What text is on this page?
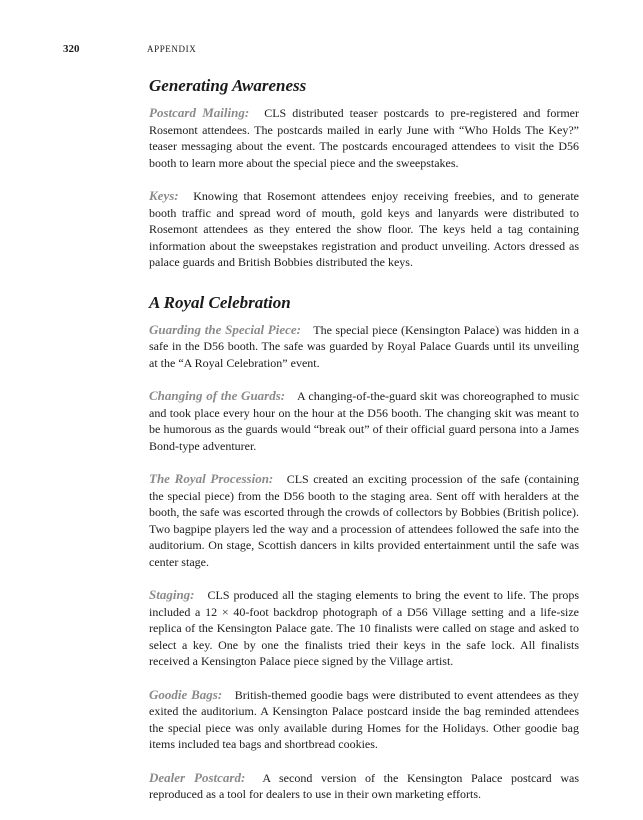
320	APPENDIX
Generating Awareness

Postcard Mailing: CLS distributed teaser postcards to pre-registered and former Rosemont attendees. The postcards mailed in early June with “Who Holds The Key?” teaser messaging about the event. The postcards encouraged attendees to visit the D56 booth to learn more about the special piece and the sweepstakes.

Keys: Knowing that Rosemont attendees enjoy receiving freebies, and to generate booth traffic and spread word of mouth, gold keys and lanyards were distributed to Rosemont attendees as they entered the show floor. The keys held a tag containing information about the sweepstakes registration and product unveiling. Actors dressed as palace guards and British Bobbies distributed the keys.

A Royal Celebration

Guarding the Special Piece: The special piece (Kensington Palace) was hidden in a safe in the D56 booth. The safe was guarded by Royal Palace Guards until its unveiling at the “A Royal Celebration” event.

Changing of the Guards: A changing-of-the-guard skit was choreographed to music and took place every hour on the hour at the D56 booth. The changing skit was meant to be humorous as the guards would “break out” of their official guard persona into a James Bond-type adventurer.

The Royal Procession: CLS created an exciting procession of the safe (containing the special piece) from the D56 booth to the staging area. Sent off with heralders at the booth, the safe was escorted through the crowds of collectors by Bobbies (British police). Two bagpipe players led the way and a procession of attendees followed the safe into the auditorium. On stage, Scottish dancers in kilts provided entertainment until the safe was center stage.

Staging: CLS produced all the staging elements to bring the event to life. The props included a 12 × 40-foot backdrop photograph of a D56 Village setting and a life-size replica of the Kensington Palace gate. The 10 finalists were called on stage and asked to select a key. One by one the finalists tried their keys in the safe lock. All finalists received a Kensington Palace piece signed by the Village artist.

Goodie Bags: British-themed goodie bags were distributed to event attendees as they exited the auditorium. A Kensington Palace postcard inside the bag reminded attendees the special piece was only available during Homes for the Holidays. Other goodie bag items included tea bags and shortbread cookies.

Dealer Postcard: A second version of the Kensington Palace postcard was reproduced as a tool for dealers to use in their own marketing efforts.
